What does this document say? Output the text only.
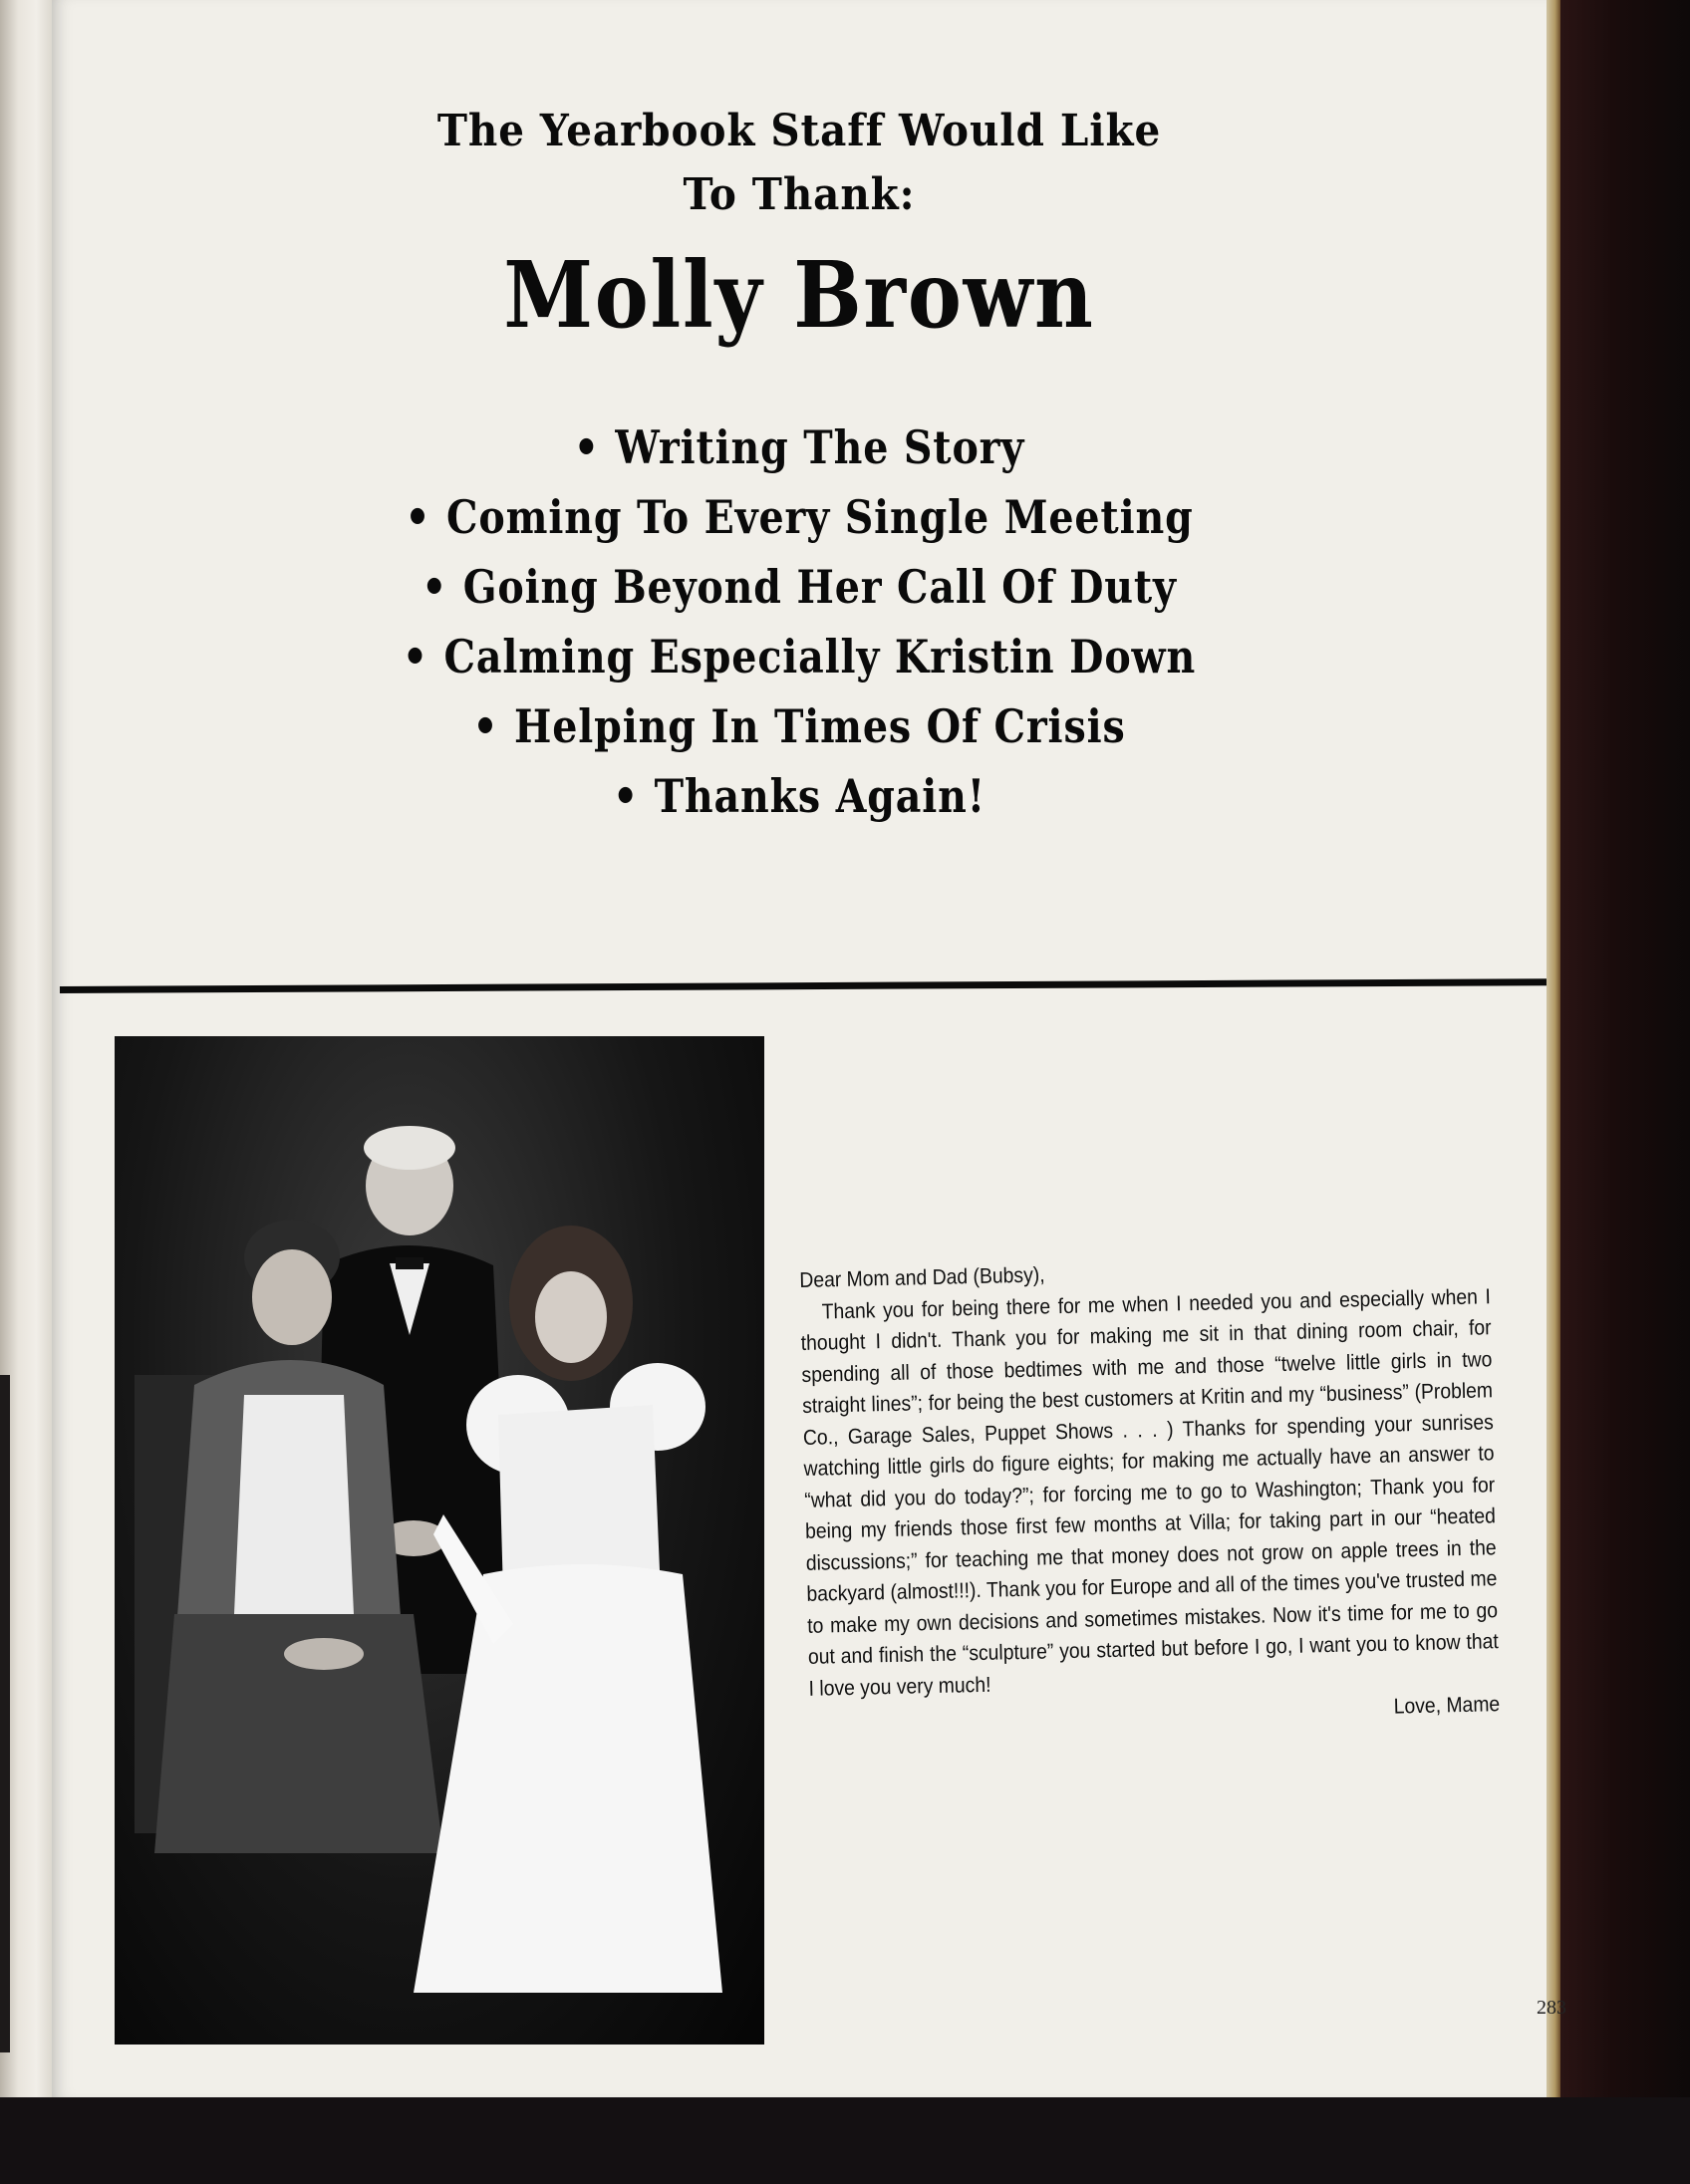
The Yearbook Staff Would Like
To Thank:
Molly Brown
• Writing The Story
• Coming To Every Single Meeting
• Going Beyond Her Call Of Duty
• Calming Especially Kristin Down
• Helping In Times Of Crisis
• Thanks Again!

Dear Mom and Dad (Bubsy),

Thank you for being there for me when I needed you and especially when I thought I didn't. Thank you for making me sit in that dining room chair, for spending all of those bedtimes with me and those “twelve little girls in two straight lines”; for being the best customers at Kritin and my “business” (Problem Co., Garage Sales, Puppet Shows . . . ) Thanks for spending your sunrises watching little girls do figure eights; for making me actually have an answer to “what did you do today?”; for forcing me to go to Washington; Thank you for being my friends those first few months at Villa; for taking part in our “heated discussions;” for teaching me that money does not grow on apple trees in the backyard (almost!!!). Thank you for Europe and all of the times you've trusted me to make my own decisions and sometimes mistakes. Now it's time for me to go out and finish the “sculpture” you started but before I go, I want you to know that I love you very much!

Love, Mame

283
